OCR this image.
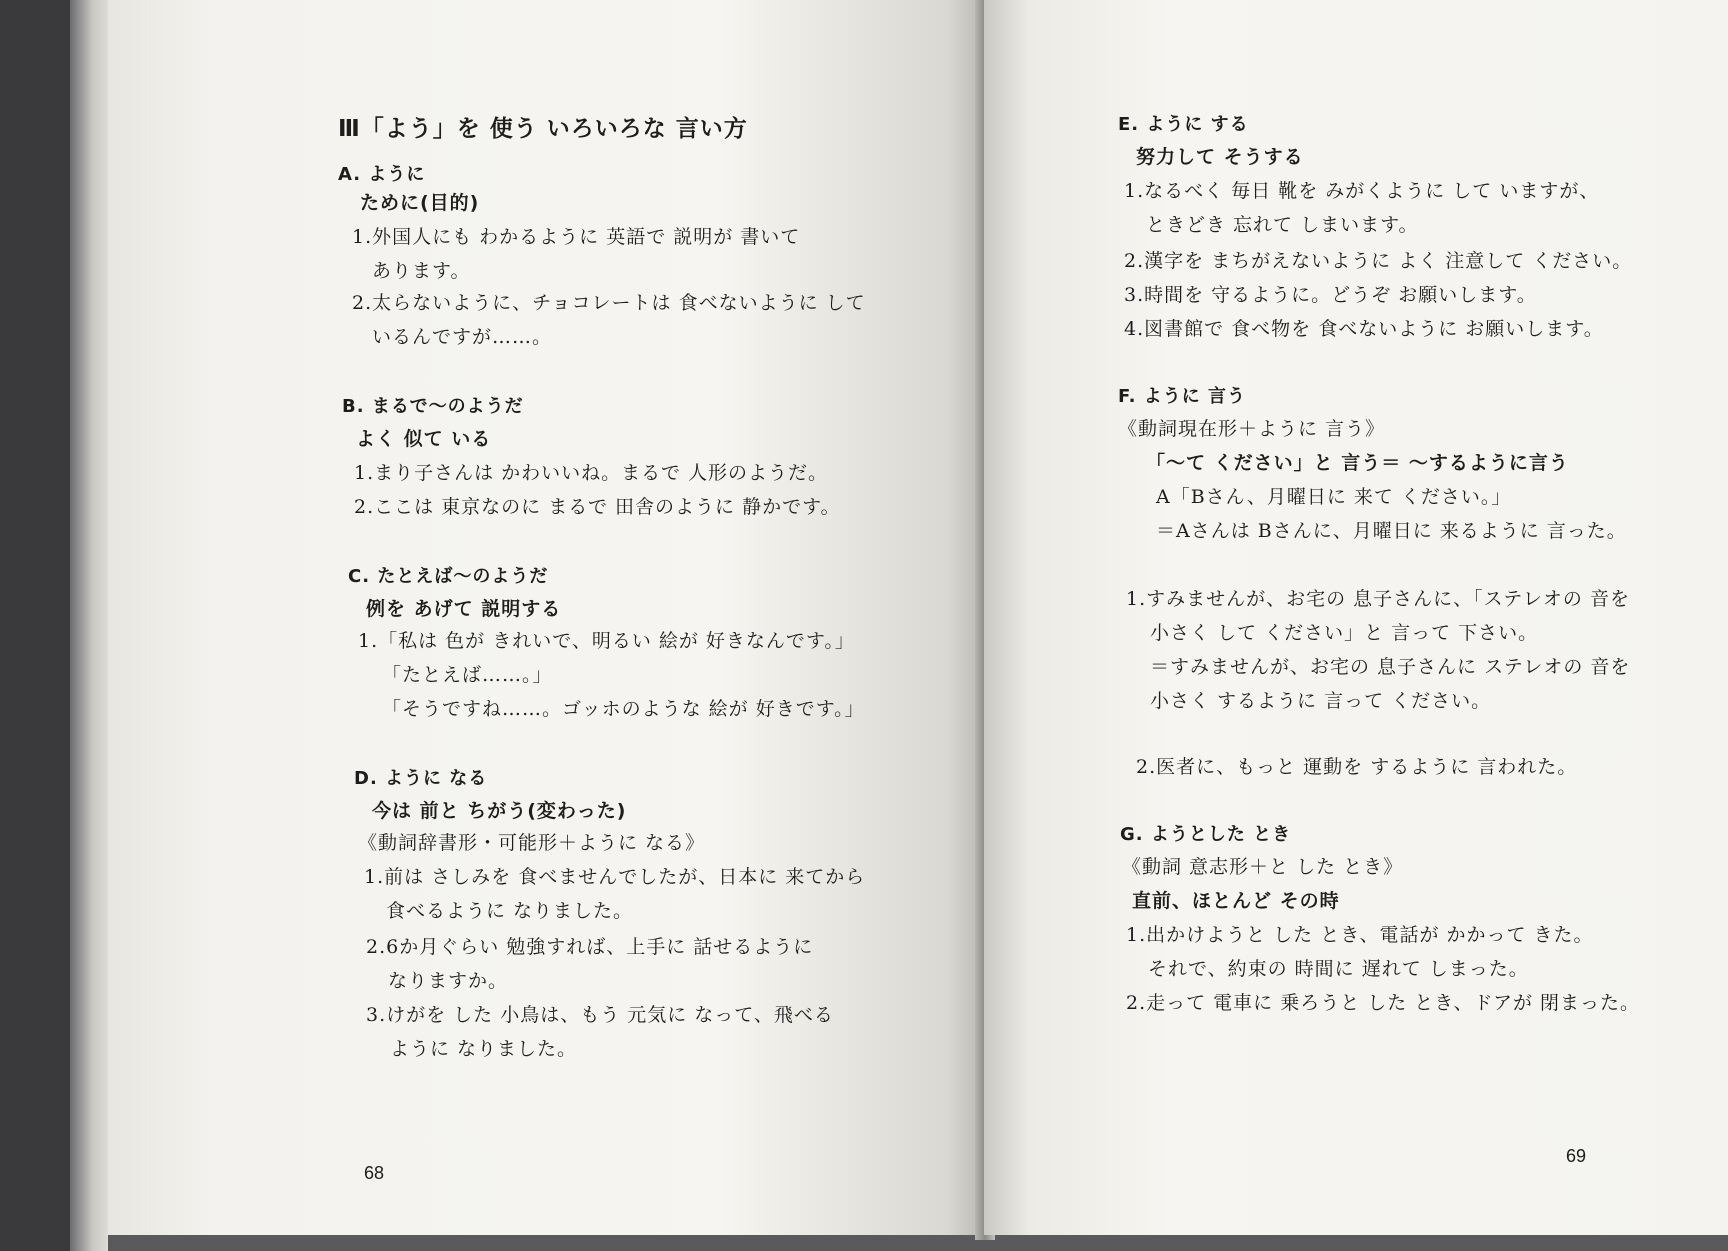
Ⅲ「よう」を 使う いろいろな 言い方
A. ように
ために(目的)
1.外国人にも わかるように 英語で 説明が 書いて
あります。
2.太らないように、チョコレートは 食べないように して
いるんですが……。
B. まるで〜のようだ
よく 似て いる
1.まり子さんは かわいいね。まるで 人形のようだ。
2.ここは 東京なのに まるで 田舎のように 静かです。
C. たとえば〜のようだ
例を あげて 説明する
1.「私は 色が きれいで、明るい 絵が 好きなんです。」
「たとえば……。」
「そうですね……。ゴッホのような 絵が 好きです。」
D. ように なる
今は 前と ちがう(変わった)
《動詞辞書形・可能形＋ように なる》
1.前は さしみを 食べませんでしたが、日本に 来てから
食べるように なりました。
2.6か月ぐらい 勉強すれば、上手に 話せるように
なりますか。
3.けがを した 小鳥は、もう 元気に なって、飛べる
ように なりました。
68
E. ように する
努力して そうする
1.なるべく 毎日 靴を みがくように して いますが、
ときどき 忘れて しまいます。
2.漢字を まちがえないように よく 注意して ください。
3.時間を 守るように。どうぞ お願いします。
4.図書館で 食べ物を 食べないように お願いします。
F. ように 言う
《動詞現在形＋ように 言う》
「〜て ください」と 言う＝ 〜するように言う
A「Bさん、月曜日に 来て ください。」
＝Aさんは Bさんに、月曜日に 来るように 言った。
1.すみませんが、お宅の 息子さんに、「ステレオの 音を
小さく して ください」と 言って 下さい。
＝すみませんが、お宅の 息子さんに ステレオの 音を
小さく するように 言って ください。
2.医者に、もっと 運動を するように 言われた。
G. ようとした とき
《動詞 意志形＋と した とき》
直前、ほとんど その時
1.出かけようと した とき、電話が かかって きた。
それで、約束の 時間に 遅れて しまった。
2.走って 電車に 乗ろうと した とき、ドアが 閉まった。
69
